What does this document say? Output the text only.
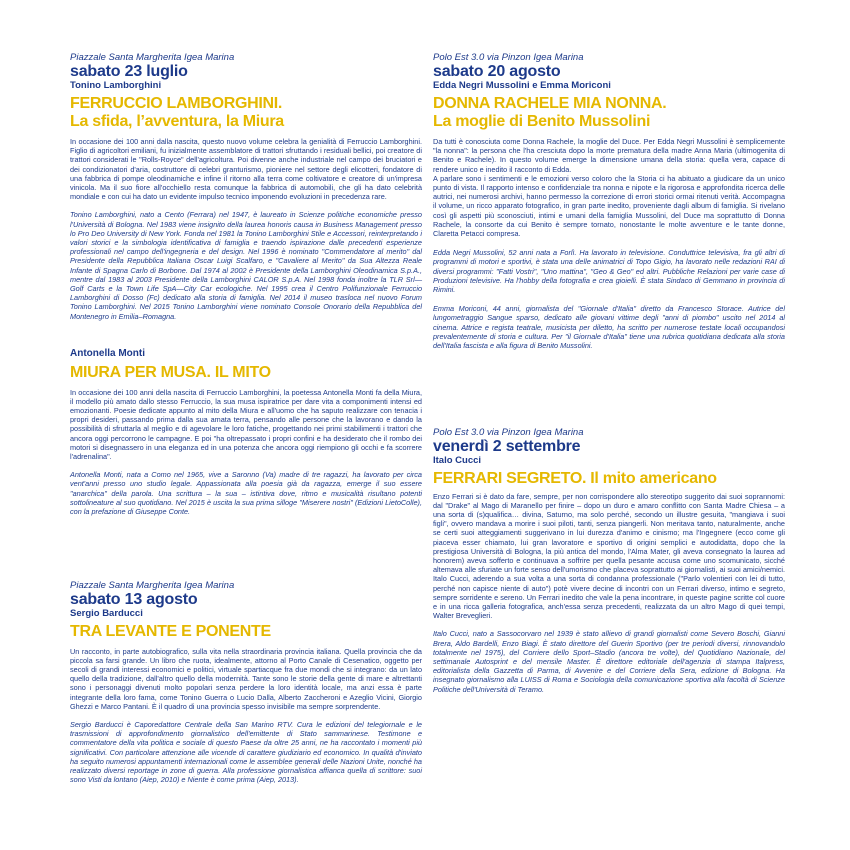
Piazzale Santa Margherita Igea Marina

sabato 23 luglio

Tonino Lamborghini

FERRUCCIO LAMBORGHINI.

La sfida, l’avventura, la Miura

In occasione dei 100 anni dalla nascita, questo nuovo volume celebra la genialità di Ferruccio Lamborghini. Figlio di agricoltori emiliani, fu inizialmente assemblatore di trattori sfruttando i residuali bellici, poi creatore di trattori considerati le "Rolls-Royce" dell'agricoltura. Poi divenne anche industriale nel campo dei bruciatori e dei condizionatori d'aria, costruttore di celebri granturismo, pioniere nel settore degli elicotteri, fondatore di una fabbrica di pompe oleodinamiche e infine il ritorno alla terra come coltivatore e creatore di un'impresa vinicola. Ma il suo fiore all'occhiello resta comunque la fabbrica di automobili, che gli ha dato celebrità mondiale e con cui ha dato un evidente impulso tecnico imponendo evoluzioni in precedenza rare.

Tonino Lamborghini, nato a Cento (Ferrara) nel 1947, è laureato in Scienze politiche economiche presso l'Università di Bologna. Nel 1983 viene insignito della laurea honoris causa in Business Management presso lo Pro Deo University di New York. Fonda nel 1981 la Tonino Lamborghini Stile e Accessori, reinterpretando i valori storici e la simbologia identificativa di famiglia e traendo ispirazione dalle precedenti esperienze professionali nel campo dell'ingegneria e del design. Nel 1996 è nominato "Commendatore al merito" dal Presidente della Repubblica Italiana Oscar Luigi Scalfaro, e "Cavaliere al Merito" da Sua Altezza Reale Infante di Spagna Carlo di Borbone. Dal 1974 al 2002 è Presidente della Lamborghini Oleodinamica S.p.A., mentre dal 1983 al 2003 Presidente della Lamborghini CALOR S.p.A. Nel 1998 fonda inoltre la TLR Srl—Golf Carts e la Town Life SpA—City Car ecologiche. Nel 1995 crea il Centro Polifunzionale Ferruccio Lamborghini di Dosso (Fc) dedicato alla storia di famiglia. Nel 2014 il museo trasloca nel nuovo Forum Tonino Lamborghini. Nel 2015 Tonino Lamborghini viene nominato Console Onorario della Repubblica del Montenegro in Emilia–Romagna.

Antonella Monti

MIURA PER MUSA. IL MITO

In occasione dei 100 anni della nascita di Ferruccio Lamborghini, la poetessa Antonella Monti fa della Miura, il modello più amato dallo stesso Ferruccio, la sua musa ispiratrice per dare vita a componimenti intensi ed emozionanti. Poesie dedicate appunto al mito della Miura e all'uomo che ha saputo realizzare con tenacia i propri desideri, passando prima dalla sua amata terra, pensando alle persone che la lavorano e dando la possibilità di sfruttarla al meglio e di agevolare le loro fatiche, progettando nei primi stabilimenti i trattori che ancora oggi percorrono le campagne. E poi "ha oltrepassato i propri confini e ha desiderato che il rombo dei motori si disegnassero in una eleganza ed in una potenza che ancora oggi riempiono gli occhi e fa scorrere l'adrenalina".

Antonella Monti, nata a Como nel 1965, vive a Saronno (Va) madre di tre ragazzi, ha lavorato per circa vent'anni presso uno studio legale. Appassionata alla poesia già da ragazza, emerge il suo essere "anarchica" della parola. Una scrittura – la sua – istintiva dove, ritmo e musicalità risultano potenti sottolineature al suo quotidiano. Nel 2015 è uscita la sua prima silloge "Miserere nostri" (Edizioni LietoColle), con la prefazione di Giuseppe Conte.

Piazzale Santa Margherita Igea Marina

sabato 13 agosto

Sergio Barducci

TRA LEVANTE E PONENTE

Un racconto, in parte autobiografico, sulla vita nella straordinaria provincia italiana. Quella provincia che da piccola sa farsi grande. Un libro che ruota, idealmente, attorno al Porto Canale di Cesenatico, oggetto per secoli di grandi interessi economici e politici, virtuale spartiacque fra due mondi che si integrano: da un lato quello della tradizione, dall'altro quello della modernità. Tante sono le storie della gente di mare e altrettanti sono i personaggi divenuti molto popolari senza perdere la loro identità locale, ma anzi essa è parte integrante della loro fama, come Tonino Guerra o Lucio Dalla, Alberto Zaccheroni e Azeglio Vicini, Giorgio Ghezzi e Marco Pantani. È il quadro di una provincia spesso invisibile ma sempre sorprendente.

Sergio Barducci è Caporedattore Centrale della San Marino RTV. Cura le edizioni del telegiornale e le trasmissioni di approfondimento giornalistico dell'emittente di Stato sammarinese. Testimone e commentatore della vita politica e sociale di questo Paese da oltre 25 anni, ne ha raccontato i momenti più significativi. Con particolare attenzione alle vicende di carattere giudiziario ed economico. In qualità d'inviato ha seguito numerosi appuntamenti internazionali come le assemblee generali delle Nazioni Unite, nonché ha realizzato diversi reportage in zone di guerra. Alla professione giornalistica affianca quella di scrittore: suoi sono Visti da lontano (Aiep, 2010) e Niente è come prima (Aiep, 2013).

Polo Est 3.0 via Pinzon Igea Marina

sabato 20 agosto

Edda Negri Mussolini e Emma Moriconi

DONNA RACHELE MIA NONNA.

La moglie di Benito Mussolini

Da tutti è conosciuta come Donna Rachele, la moglie del Duce. Per Edda Negri Mussolini è semplicemente "la nonna": la persona che l'ha cresciuta dopo la morte prematura della madre Anna Maria (ultimogenita di Benito e Rachele). In questo volume emerge la dimensione umana della storia: quella vera, capace di rendere unico e inedito il racconto di Edda.
A parlare sono i sentimenti e le emozioni verso coloro che la Storia ci ha abituato a giudicare da un unico punto di vista. Il rapporto intenso e confidenziale tra nonna e nipote e la rigorosa e approfondita ricerca delle autrici, nei numerosi archivi, hanno permesso la correzione di errori storici ormai ritenuti verità. Accompagna il volume, un ricco apparato fotografico, in gran parte inedito, proveniente dagli album di famiglia. Si rivelano così gli aspetti più sconosciuti, intimi e umani della famiglia Mussolini, del Duce ma soprattutto di Donna Rachele, la consorte da cui Benito è sempre tornato, nonostante le molte avventure e le tante donne, Claretta Petacci compresa.

Edda Negri Mussolini, 52 anni nata a Forlì. Ha lavorato in televisione. Conduttrice televisiva, fra gli altri di programmi di motori e sportivi, è stata una delle animatrici di Topo Gigio, ha lavorato nelle redazioni RAI di diversi programmi: "Fatti Vostri", "Uno mattina", "Geo & Geo" ed altri. Pubbliche Relazioni per varie case di Produzioni televisive. Ha l'hobby della fotografia e crea gioielli. È stata Sindaco di Gemmano in provincia di Rimini.

Emma Moriconi, 44 anni, giornalista del "Giornale d'Italia" diretto da Francesco Storace. Autrice del lungometraggio Sangue sparso, dedicato alle giovani vittime degli "anni di piombo" uscito nel 2014 al cinema. Attrice e regista teatrale, musicista per diletto, ha scritto per numerose testate locali occupandosi prevalentemente di storia e cultura. Per "il Giornale d'Italia" tiene una rubrica quotidiana dedicata alla storia dell'Italia fascista e alla figura di Benito Mussolini.

Polo Est 3.0 via Pinzon Igea Marina

venerdì 2 settembre

Italo Cucci

FERRARI SEGRETO. Il mito americano

Enzo Ferrari si è dato da fare, sempre, per non corrispondere allo stereotipo suggerito dai suoi soprannomi: dal "Drake" al Mago di Maranello per finire – dopo un duro e amaro conflitto con Santa Madre Chiesa – a una sorta di (s)qualifica… divina, Saturno, ma solo perché, secondo un illustre gesuita, "mangiava i suoi figli", ovvero mandava a morire i suoi piloti, tanti, senza piangerli. Non meritava tanto, naturalmente, anche se certi suoi atteggiamenti suggerivano in lui durezza d'animo e cinismo; ma l'Ingegnere (ecco come gli piaceva esser chiamato, lui gran lavoratore e sportivo di origini semplici e autodidatta, dopo che la prestigiosa Università di Bologna, la più antica del mondo, l'Alma Mater, gli aveva consegnato la laurea ad honorem) aveva sofferto e continuava a soffrire per quella pesante accusa come uno scomunicato, sicché altemava alle sfuriate un forte senso dell'umorismo che placeva soprattutto ai giornalisti, ai suoi amici/nemici. Italo Cucci, aderendo a sua volta a una sorta di condanna professionale ("Parlo volentieri con lei di tutto, perché non capisce niente di auto") potè vivere decine di incontri con un Ferrari diverso, intimo e segreto, sempre sorridente e sereno. Un Ferrari inedito che vale la pena incontrare, in queste pagine scritte col cuore e in una ricca galleria fotografica, anch'essa senza precedenti, realizzata da un altro Mago di quei tempi, Walter Breveglieri.

Italo Cucci, nato a Sassocorvaro nel 1939 è stato allievo di grandi giornalisti come Severo Boschi, Gianni Brera, Aldo Bardelli, Enzo Biagi. È stato direttore del Guerin Sportivo (per tre periodi diversi, rinnovandolo totalmente nel 1975), del Corriere dello Sport–Stadio (ancora tre volte), del Quotidiano Nazionale, del settimanale Autosprint e del mensile Master. È direttore editoriale dell'agenzia di stampa Italpress, editorialista della Gazzetta di Parma, di Avvenire e del Corriere della Sera, edizione di Bologna. Ha insegnato giornalismo alla LUISS di Roma e Sociologia della comunicazione sportiva alla facoltà di Scienze Politiche dell'Università di Teramo.
